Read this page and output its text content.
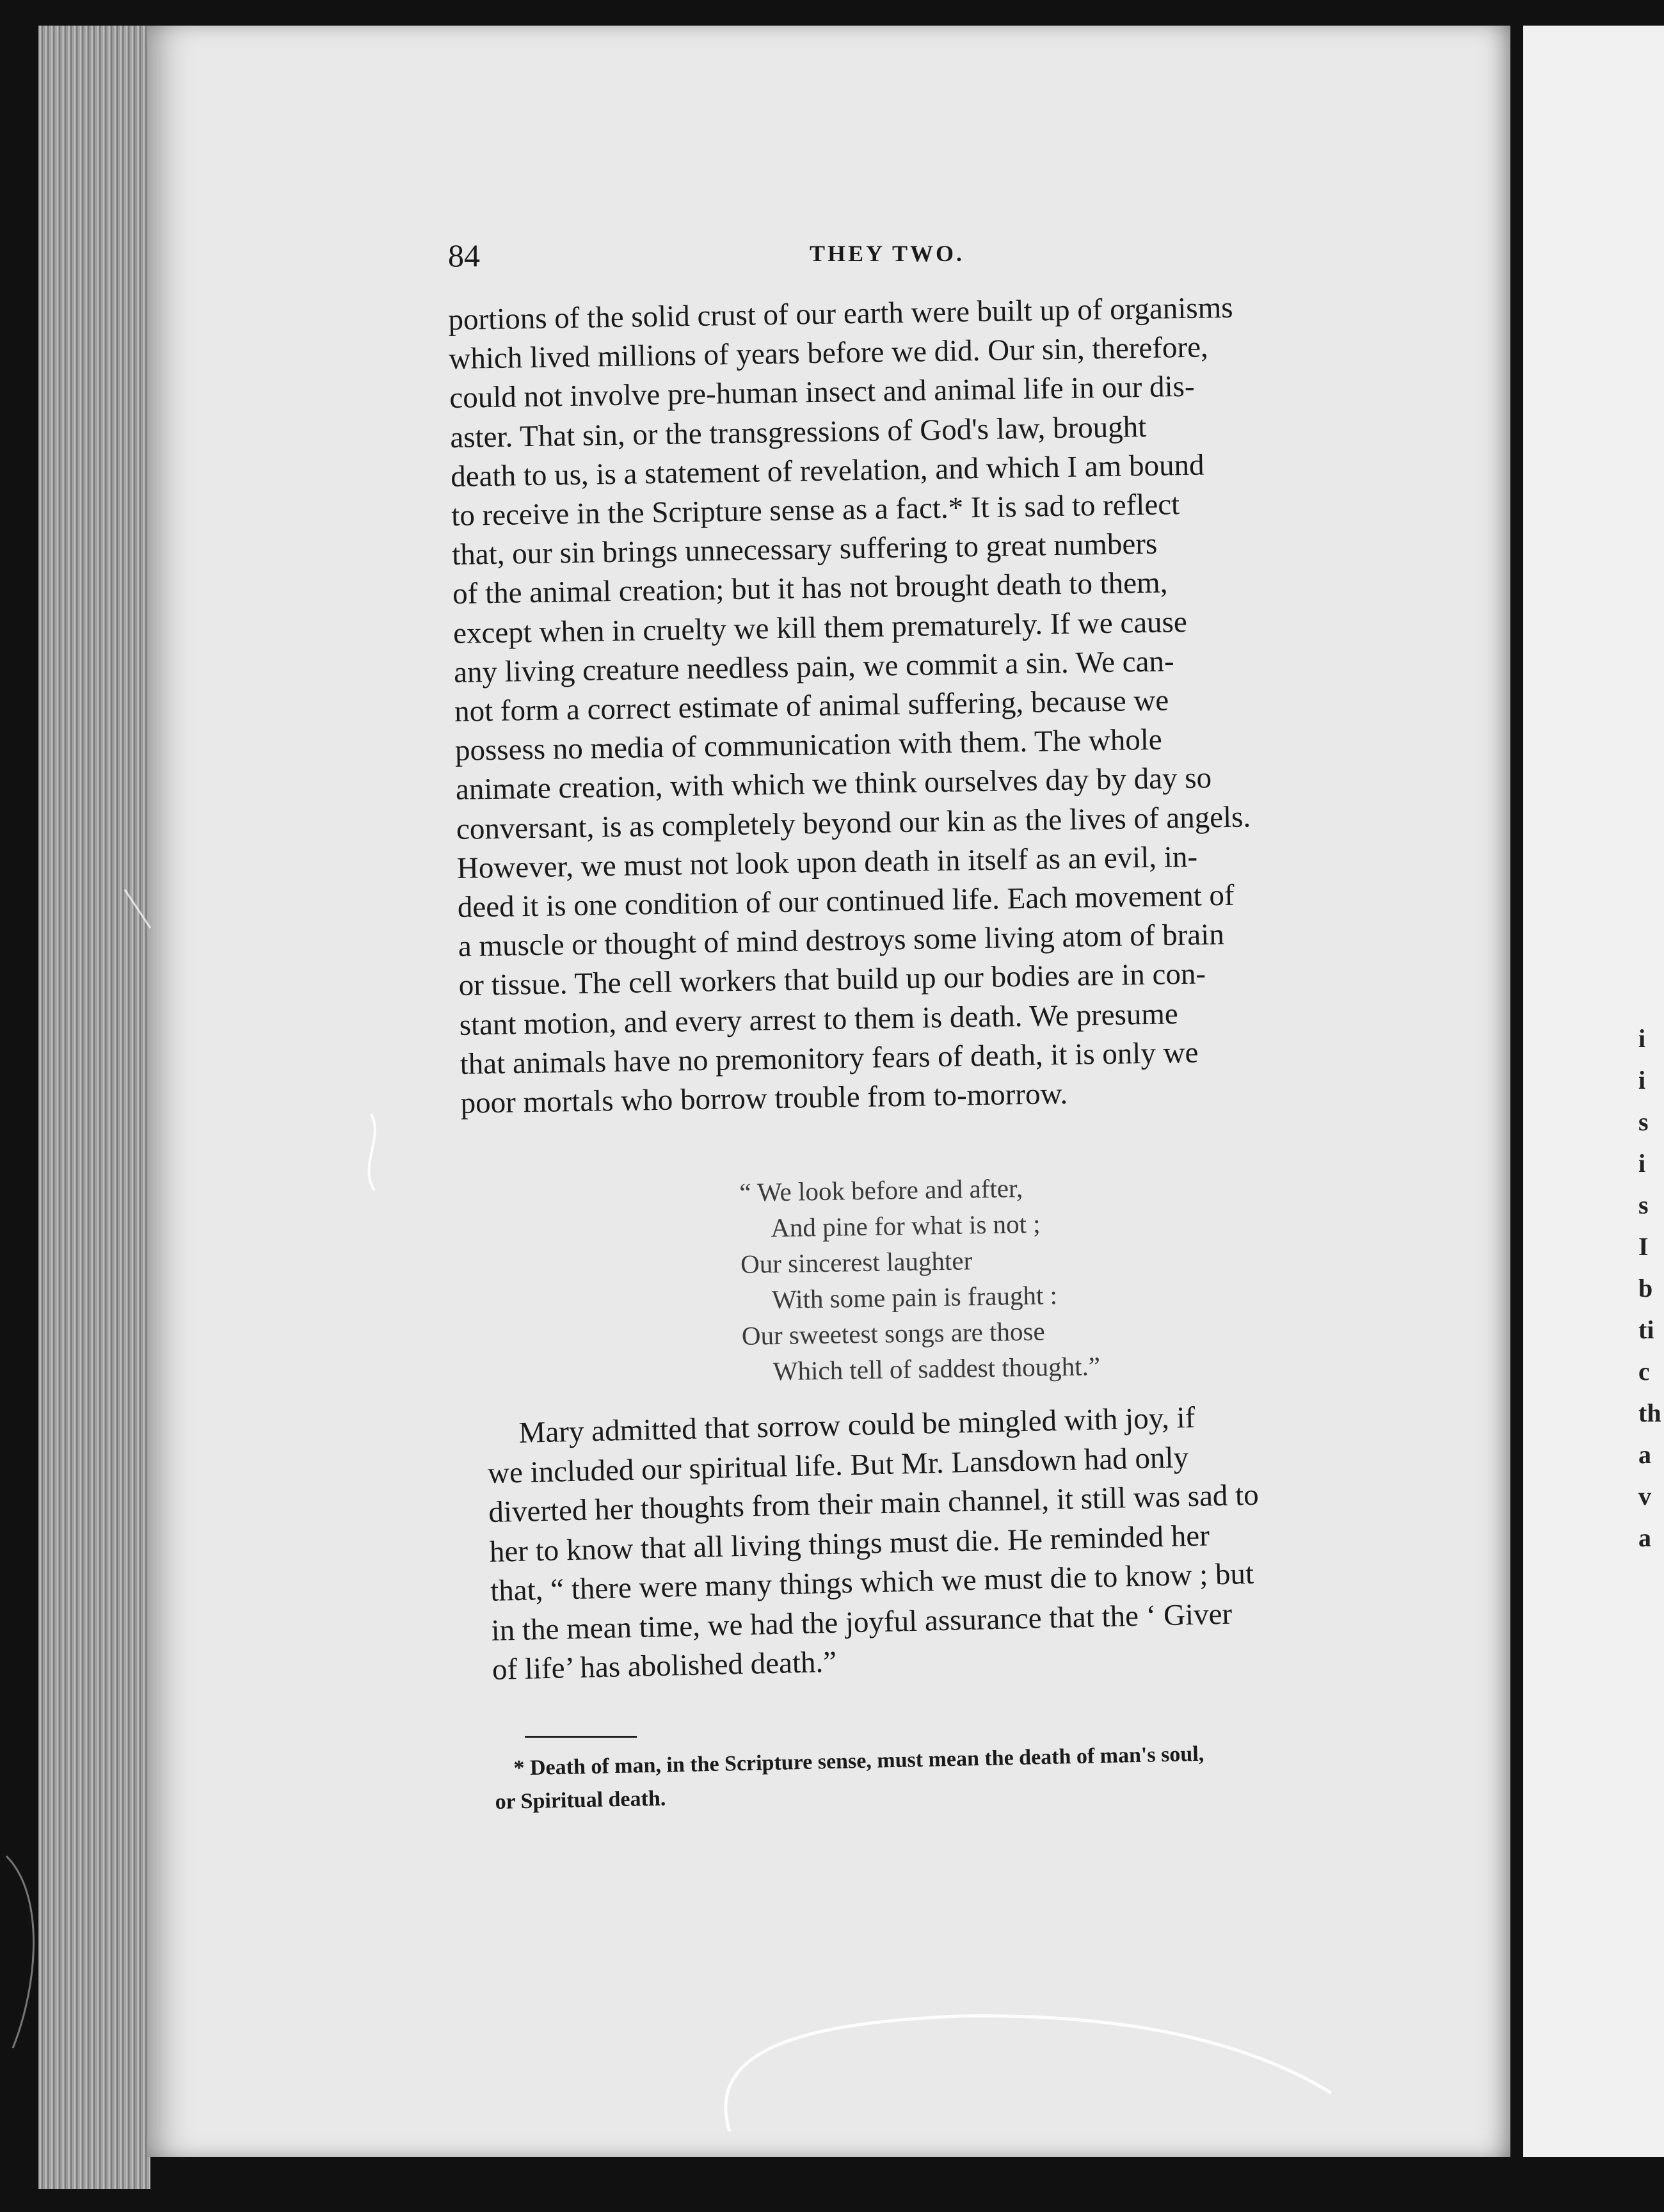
i
i
s
i
s
I
b
ti
c
th
a
v
a
84	THEY TWO.
portions of the solid crust of our earth were built up of organisms
which lived millions of years before we did. Our sin, therefore,
could not involve pre-human insect and animal life in our dis-
aster. That sin, or the transgressions of God's law, brought
death to us, is a statement of revelation, and which I am bound
to receive in the Scripture sense as a fact.* It is sad to reflect
that, our sin brings unnecessary suffering to great numbers
of the animal creation; but it has not brought death to them,
except when in cruelty we kill them prematurely. If we cause
any living creature needless pain, we commit a sin. We can-
not form a correct estimate of animal suffering, because we
possess no media of communication with them. The whole
animate creation, with which we think ourselves day by day so
conversant, is as completely beyond our kin as the lives of angels.
However, we must not look upon death in itself as an evil, in-
deed it is one condition of our continued life. Each movement of
a muscle or thought of mind destroys some living atom of brain
or tissue. The cell workers that build up our bodies are in con-
stant motion, and every arrest to them is death. We presume
that animals have no premonitory fears of death, it is only we
poor mortals who borrow trouble from to-morrow.
“ We look before and after,
And pine for what is not ;
Our sincerest laughter
With some pain is fraught :
Our sweetest songs are those
Which tell of saddest thought.”
Mary admitted that sorrow could be mingled with joy, if
we included our spiritual life. But Mr. Lansdown had only
diverted her thoughts from their main channel, it still was sad to
her to know that all living things must die. He reminded her
that, “ there were many things which we must die to know ; but
in the mean time, we had the joyful assurance that the ‘ Giver
of life’ has abolished death.”
* Death of man, in the Scripture sense, must mean the death of man's soul,
or Spiritual death.
